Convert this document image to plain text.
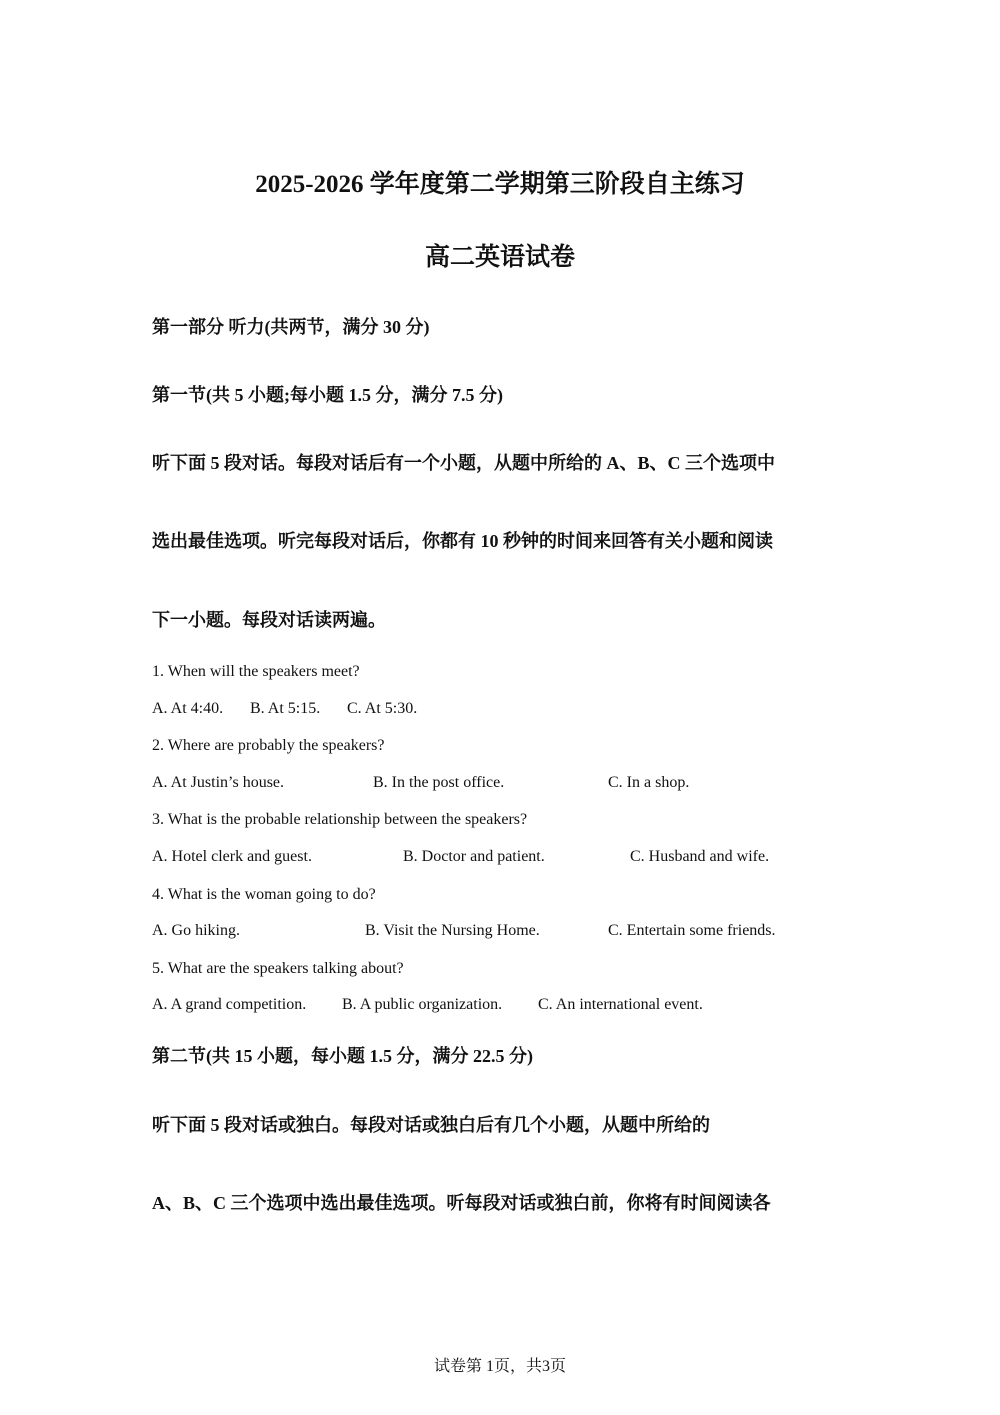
2025-2026 学年度第二学期第三阶段自主练习
高二英语试卷
第一部分 听力(共两节，满分 30 分)
第一节(共 5 小题;每小题 1.5 分，满分 7.5 分)
听下面 5 段对话。每段对话后有一个小题，从题中所给的 A、B、C 三个选项中
选出最佳选项。听完每段对话后，你都有 10 秒钟的时间来回答有关小题和阅读
下一小题。每段对话读两遍。
1. When will the speakers meet?
A. At 4:40. B. At 5:15. C. At 5:30.
2. Where are probably the speakers?
A. At Justin’s house.	B. In the post office.	C. In a shop.
3. What is the probable relationship between the speakers?
A. Hotel clerk and guest.	B. Doctor and patient.	C. Husband and wife.
4. What is the woman going to do?
A. Go hiking.	B. Visit the Nursing Home.	C. Entertain some friends.
5. What are the speakers talking about?
A. A grand competition. B. A public organization. C. An international event.
第二节(共 15 小题，每小题 1.5 分，满分 22.5 分)
听下面 5 段对话或独白。每段对话或独白后有几个小题，从题中所给的
A、B、C 三个选项中选出最佳选项。听每段对话或独白前，你将有时间阅读各
试卷第 1页，共3页
